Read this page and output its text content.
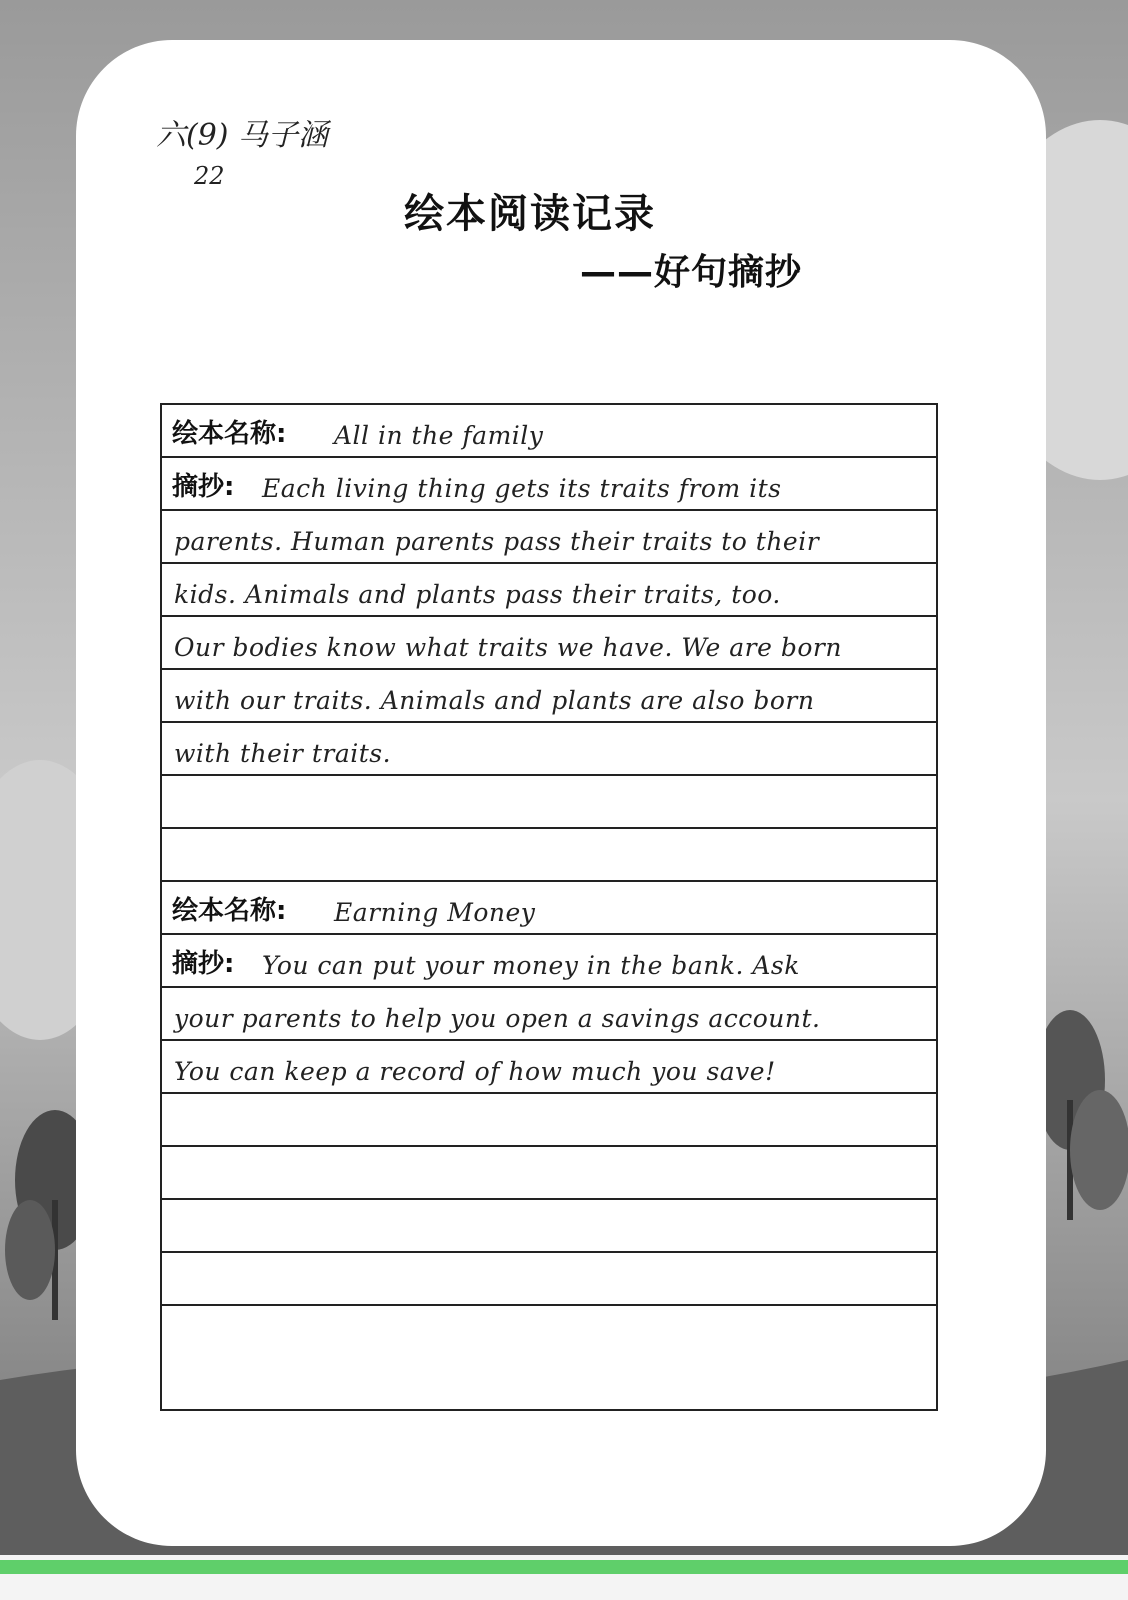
六(9) 马子涵
22
绘本阅读记录
——好句摘抄
绘本名称: All in the family
摘抄: Each living thing gets its traits from its
parents. Human parents pass their traits to their
kids. Animals and plants pass their traits, too.
Our bodies know what traits we have. We are born
with our traits. Animals and plants are also born
with their traits.
绘本名称: Earning Money
摘抄: You can put your money in the bank. Ask
your parents to help you open a savings account.
You can keep a record of how much you save!
